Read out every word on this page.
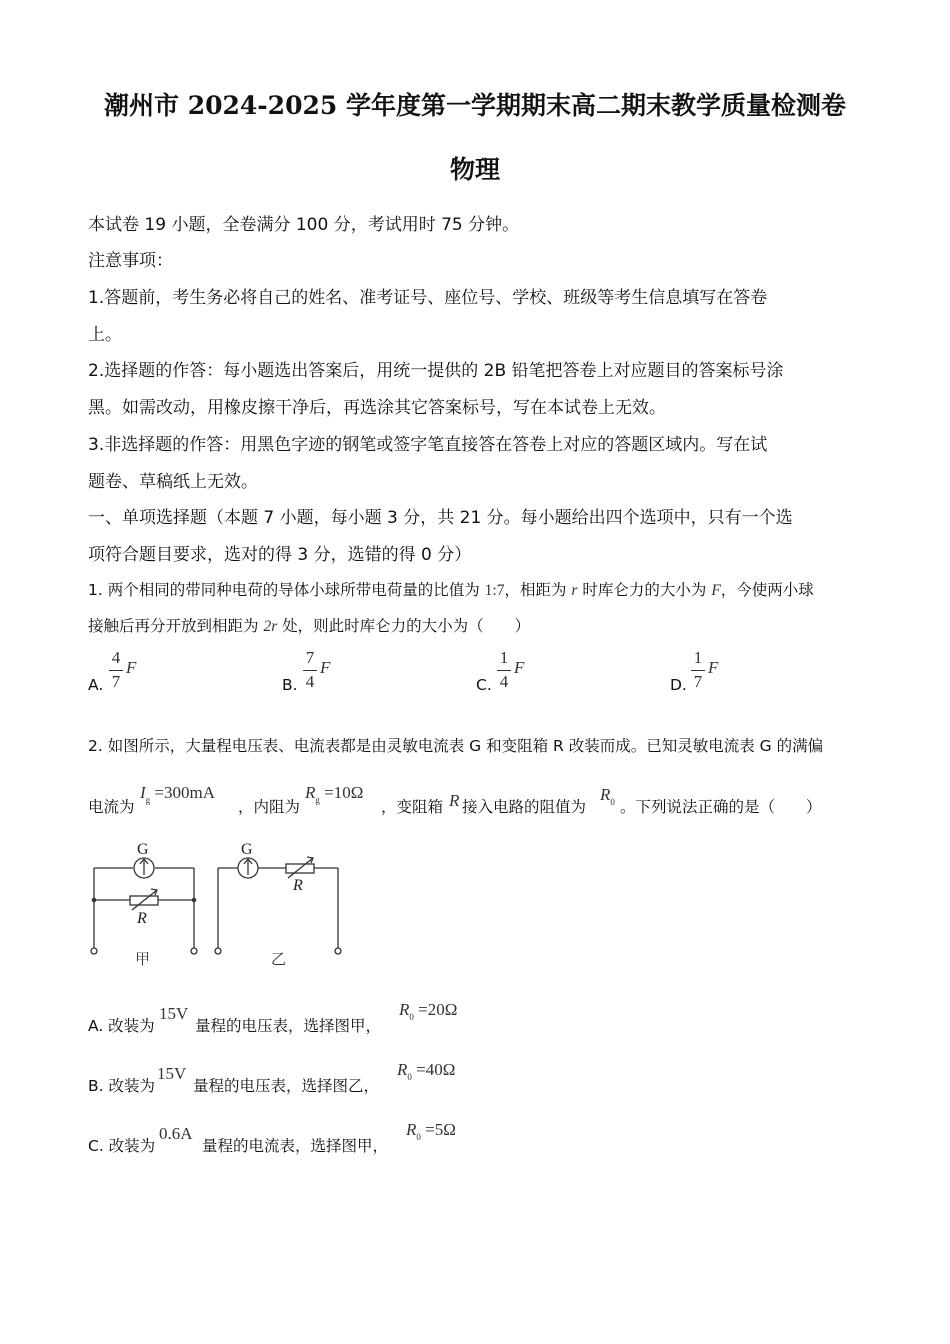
潮州市 2024-2025 学年度第一学期期末高二期末教学质量检测卷
物理
本试卷 19 小题，全卷满分 100 分，考试用时 75 分钟。
注意事项：
1.答题前，考生务必将自己的姓名、准考证号、座位号、学校、班级等考生信息填写在答卷
上。
2.选择题的作答：每小题选出答案后，用统一提供的 2B 铅笔把答卷上对应题目的答案标号涂
黑。如需改动，用橡皮擦干净后，再选涂其它答案标号，写在本试卷上无效。
3.非选择题的作答：用黑色字迹的钢笔或签字笔直接答在答卷上对应的答题区域内。写在试
题卷、草稿纸上无效。
一、单项选择题（本题 7 小题，每小题 3 分，共 21 分。每小题给出四个选项中，只有一个选
项符合题目要求，选对的得 3 分，选错的得 0 分）
1. 两个相同的带同种电荷的导体小球所带电荷量的比值为 1:7，相距为 r 时库仑力的大小为 F，今使两小球
接触后再分开放到相距为 2r 处，则此时库仑力的大小为（　　）
A.
4
7
F
B.
7
4
F
C.
1
4
F
D.
1
7
F
2. 如图所示，大量程电压表、电流表都是由灵敏电流表 G 和变阻箱 R 改装而成。已知灵敏电流表 G 的满偏
电流为
$I_g =300mA$
，内阻为
$R_g =10\Omega$
，变阻箱 R 接入电路的阻值为
$R_0$ 。下列说法正确的是（　　）
G
R
G
R
甲	乙
A. 改装为
15V
量程的电压表，选择图甲，
$R_0 =20\Omega$
B. 改装为
15V
量程的电压表，选择图乙，
$R_0 =40\Omega$
C. 改装为
0.6A
量程的电流表，选择图甲，
$R_0 =5\Omega$
